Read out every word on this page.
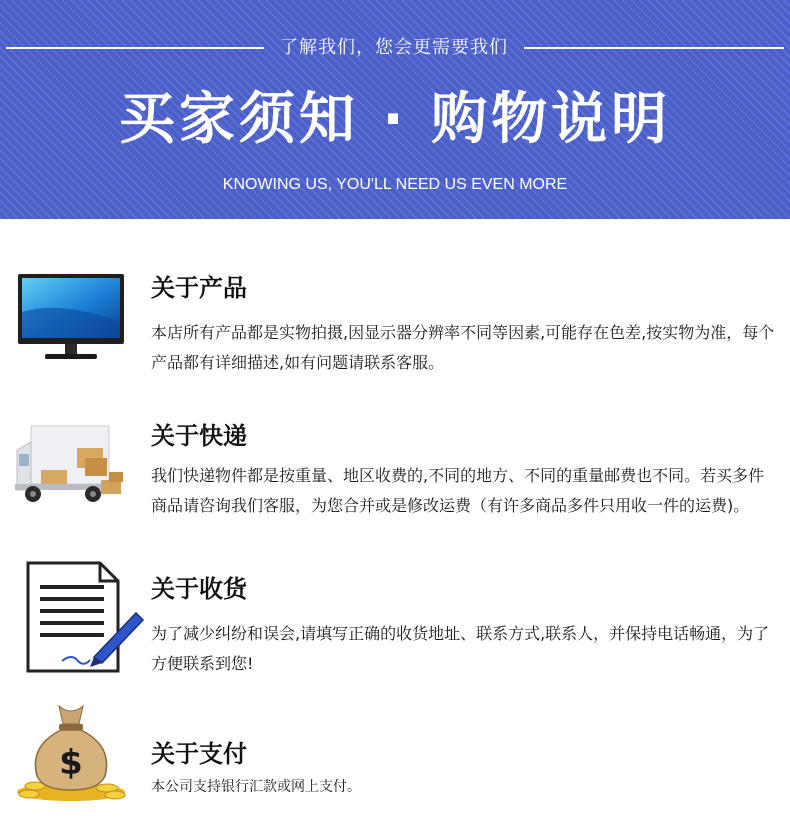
了解我们，您会更需要我们
买家须知 · 购物说明
KNOWING US, YOU'LL NEED US EVEN MORE
关于产品

本店所有产品都是实物拍摄,因显示器分辨率不同等因素,可能存在色差,按实物为准，每个产品都有详细描述,如有问题请联系客服。

关于快递

我们快递物件都是按重量、地区收费的,不同的地方、不同的重量邮费也不同。若买多件商品请咨询我们客服，为您合并或是修改运费（有许多商品多件只用收一件的运费)。

关于收货

为了减少纠纷和误会,请填写正确的收货地址、联系方式,联系人，并保持电话畅通，为了方便联系到您!

$	关于支付

本公司支持银行汇款或网上支付。
